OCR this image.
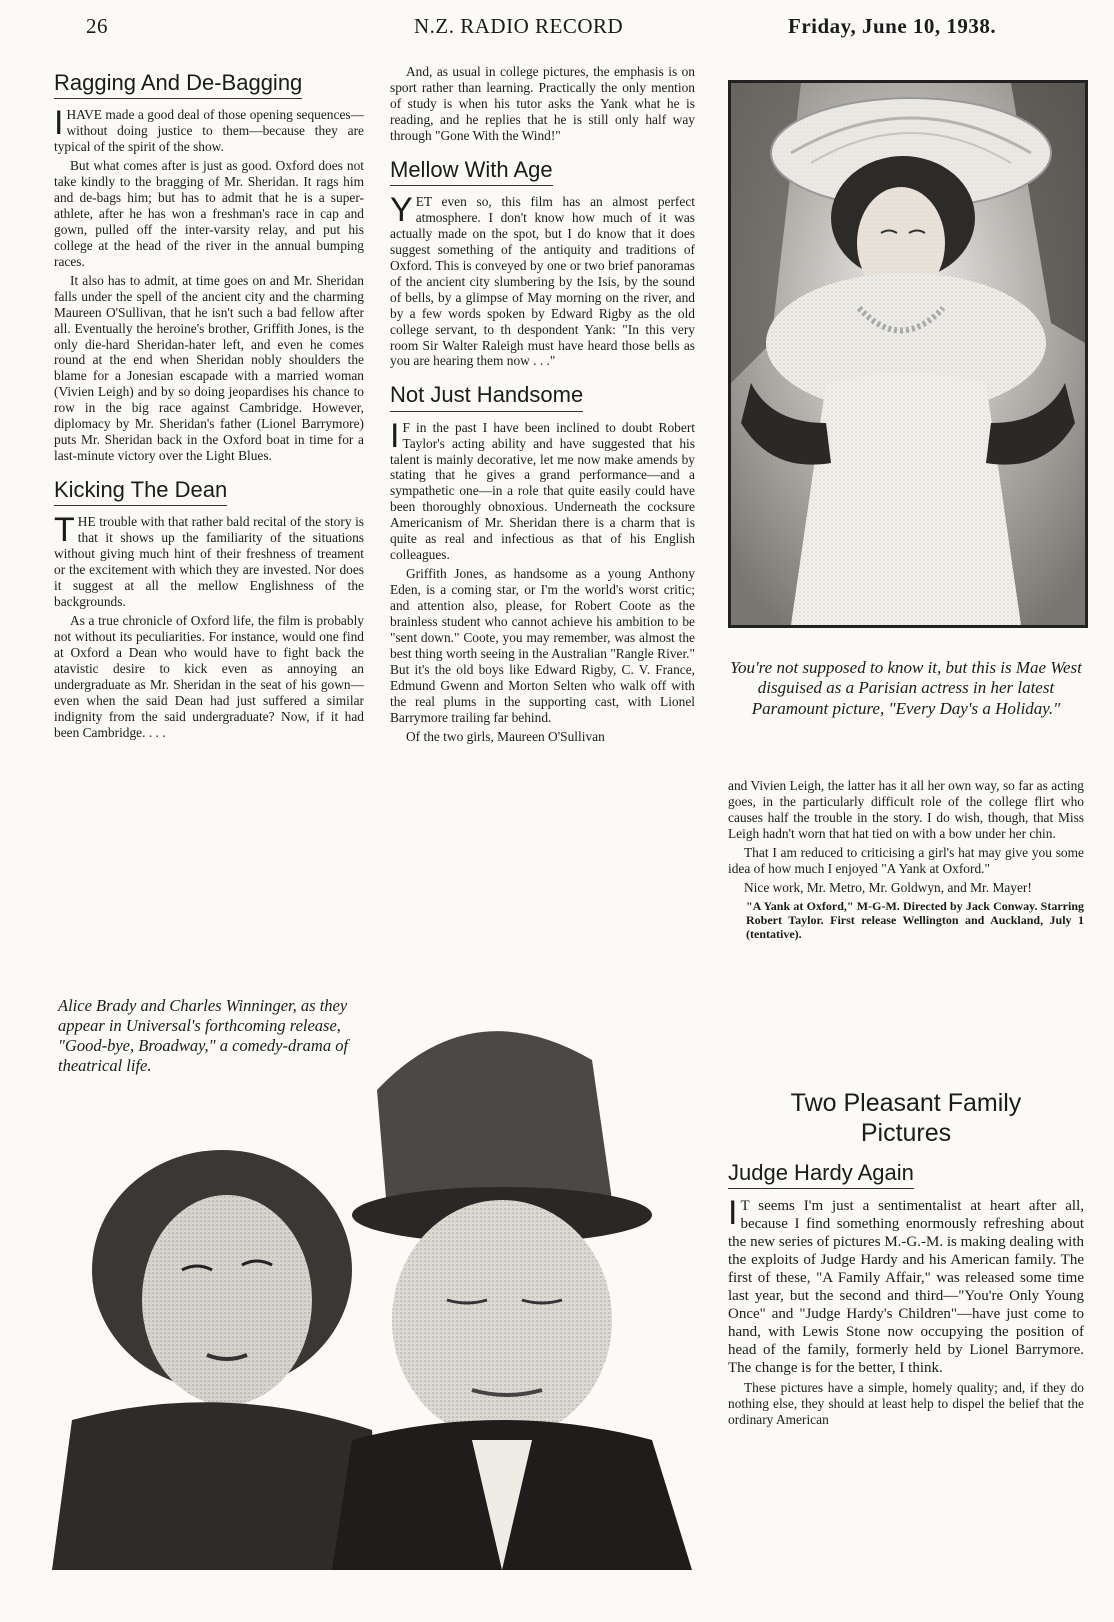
26	N.Z. RADIO RECORD	Friday, June 10, 1938.
Ragging And De-Bagging

IHAVE made a good deal of those opening sequences—without doing justice to them—because they are typical of the spirit of the show.

But what comes after is just as good. Oxford does not take kindly to the bragging of Mr. Sheridan. It rags him and de-bags him; but has to admit that he is a super-athlete, after he has won a freshman's race in cap and gown, pulled off the inter-varsity relay, and put his college at the head of the river in the annual bumping races.

It also has to admit, at time goes on and Mr. Sheridan falls under the spell of the ancient city and the charming Maureen O'Sullivan, that he isn't such a bad fellow after all. Eventually the heroine's brother, Griffith Jones, is the only die-hard Sheridan-hater left, and even he comes round at the end when Sheridan nobly shoulders the blame for a Jonesian escapade with a married woman (Vivien Leigh) and by so doing jeopardises his chance to row in the big race against Cambridge. However, diplomacy by Mr. Sheridan's father (Lionel Barrymore) puts Mr. Sheridan back in the Oxford boat in time for a last-minute victory over the Light Blues.

Kicking The Dean

THE trouble with that rather bald recital of the story is that it shows up the familiarity of the situations without giving much hint of their freshness of treament or the excitement with which they are invested. Nor does it suggest at all the mellow Englishness of the backgrounds.

As a true chronicle of Oxford life, the film is probably not without its peculiarities. For instance, would one find at Oxford a Dean who would have to fight back the atavistic desire to kick even as annoying an undergraduate as Mr. Sheridan in the seat of his gown—even when the said Dean had just suffered a similar indignity from the said undergraduate? Now, if it had been Cambridge. . . .

And, as usual in college pictures, the emphasis is on sport rather than learning. Practically the only mention of study is when his tutor asks the Yank what he is reading, and he replies that he is still only half way through "Gone With the Wind!"

Mellow With Age

YET even so, this film has an almost perfect atmosphere. I don't know how much of it was actually made on the spot, but I do know that it does suggest something of the antiquity and traditions of Oxford. This is conveyed by one or two brief panoramas of the ancient city slumbering by the Isis, by the sound of bells, by a glimpse of May morning on the river, and by a few words spoken by Edward Rigby as the old college servant, to th despondent Yank: "In this very room Sir Walter Raleigh must have heard those bells as you are hearing them now . . ."

Not Just Handsome

I F in the past I have been inclined to doubt Robert Taylor's acting ability and have suggested that his talent is mainly decorative, let me now make amends by stating that he gives a grand performance—and a sympathetic one—in a role that quite easily could have been thoroughly obnoxious. Underneath the cocksure Americanism of Mr. Sheridan there is a charm that is quite as real and infectious as that of his English colleagues.

Griffith Jones, as handsome as a young Anthony Eden, is a coming star, or I'm the world's worst critic; and attention also, please, for Robert Coote as the brainless student who cannot achieve his ambition to be "sent down." Coote, you may remember, was almost the best thing worth seeing in the Australian "Rangle River." But it's the old boys like Edward Rigby, C. V. France, Edmund Gwenn and Morton Selten who walk off with the real plums in the supporting cast, with Lionel Barrymore trailing far behind.

Of the two girls, Maureen O'Sullivan

You're not supposed to know it, but this is Mae West disguised as a Parisian actress in her latest Paramount picture, "Every Day's a Holiday."

and Vivien Leigh, the latter has it all her own way, so far as acting goes, in the particularly difficult role of the college flirt who causes half the trouble in the story. I do wish, though, that Miss Leigh hadn't worn that hat tied on with a bow under her chin.

That I am reduced to criticising a girl's hat may give you some idea of how much I enjoyed "A Yank at Oxford."

Nice work, Mr. Metro, Mr. Goldwyn, and Mr. Mayer!

"A Yank at Oxford," M-G-M. Directed by Jack Conway. Starring Robert Taylor. First release Wellington and Auckland, July 1 (tentative).
Two Pleasant Family Pictures
Judge Hardy Again

I T seems I'm just a sentimentalist at heart after all, because I find something enormously refreshing about the new series of pictures M.-G.-M. is making dealing with the exploits of Judge Hardy and his American family. The first of these, "A Family Affair," was released some time last year, but the second and third—"You're Only Young Once" and "Judge Hardy's Children"—have just come to hand, with Lewis Stone now occupying the position of head of the family, formerly held by Lionel Barrymore. The change is for the better, I think.

These pictures have a simple, homely quality; and, if they do nothing else, they should at least help to dispel the belief that the ordinary American

Alice Brady and Charles Winninger, as they appear in Universal's forthcoming release, "Good-bye, Broadway," a comedy-drama of theatrical life.
